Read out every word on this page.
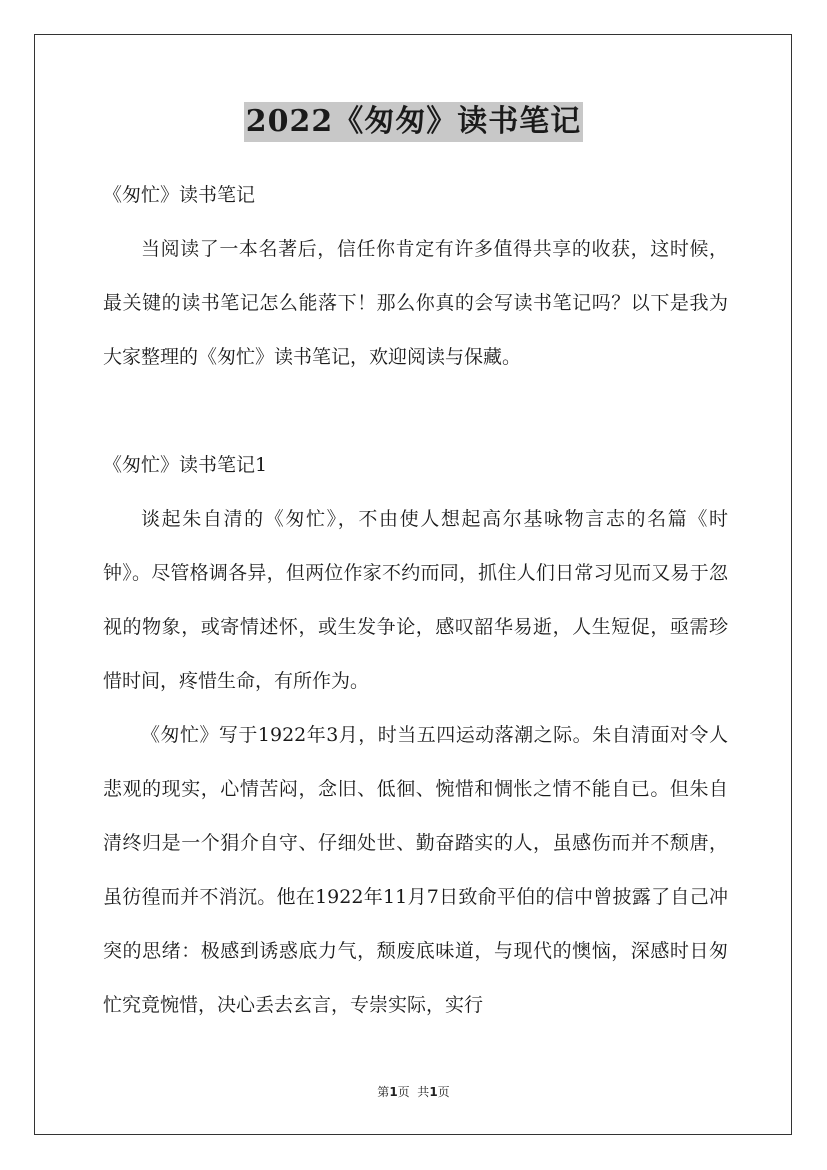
2022《匆匆》读书笔记

《匆忙》读书笔记

当阅读了一本名著后，信任你肯定有许多值得共享的收获，这时候，最关键的读书笔记怎么能落下！那么你真的会写读书笔记吗？以下是我为大家整理的《匆忙》读书笔记，欢迎阅读与保藏。

《匆忙》读书笔记1

谈起朱自清的《匆忙》，不由使人想起高尔基咏物言志的名篇《时钟》。尽管格调各异，但两位作家不约而同，抓住人们日常习见而又易于忽视的物象，或寄情述怀，或生发争论，感叹韶华易逝，人生短促，亟需珍惜时间，疼惜生命，有所作为。

《匆忙》写于1922年3月，时当五四运动落潮之际。朱自清面对令人悲观的现实，心情苦闷，念旧、低徊、惋惜和惆怅之情不能自已。但朱自清终归是一个狷介自守、仔细处世、勤奋踏实的人，虽感伤而并不颓唐，虽彷徨而并不消沉。他在1922年11月7日致俞平伯的信中曾披露了自己冲突的思绪：极感到诱惑底力气，颓废底味道，与现代的懊恼，深感时日匆忙究竟惋惜，决心丢去玄言，专崇实际，实行

第1页  共1页
